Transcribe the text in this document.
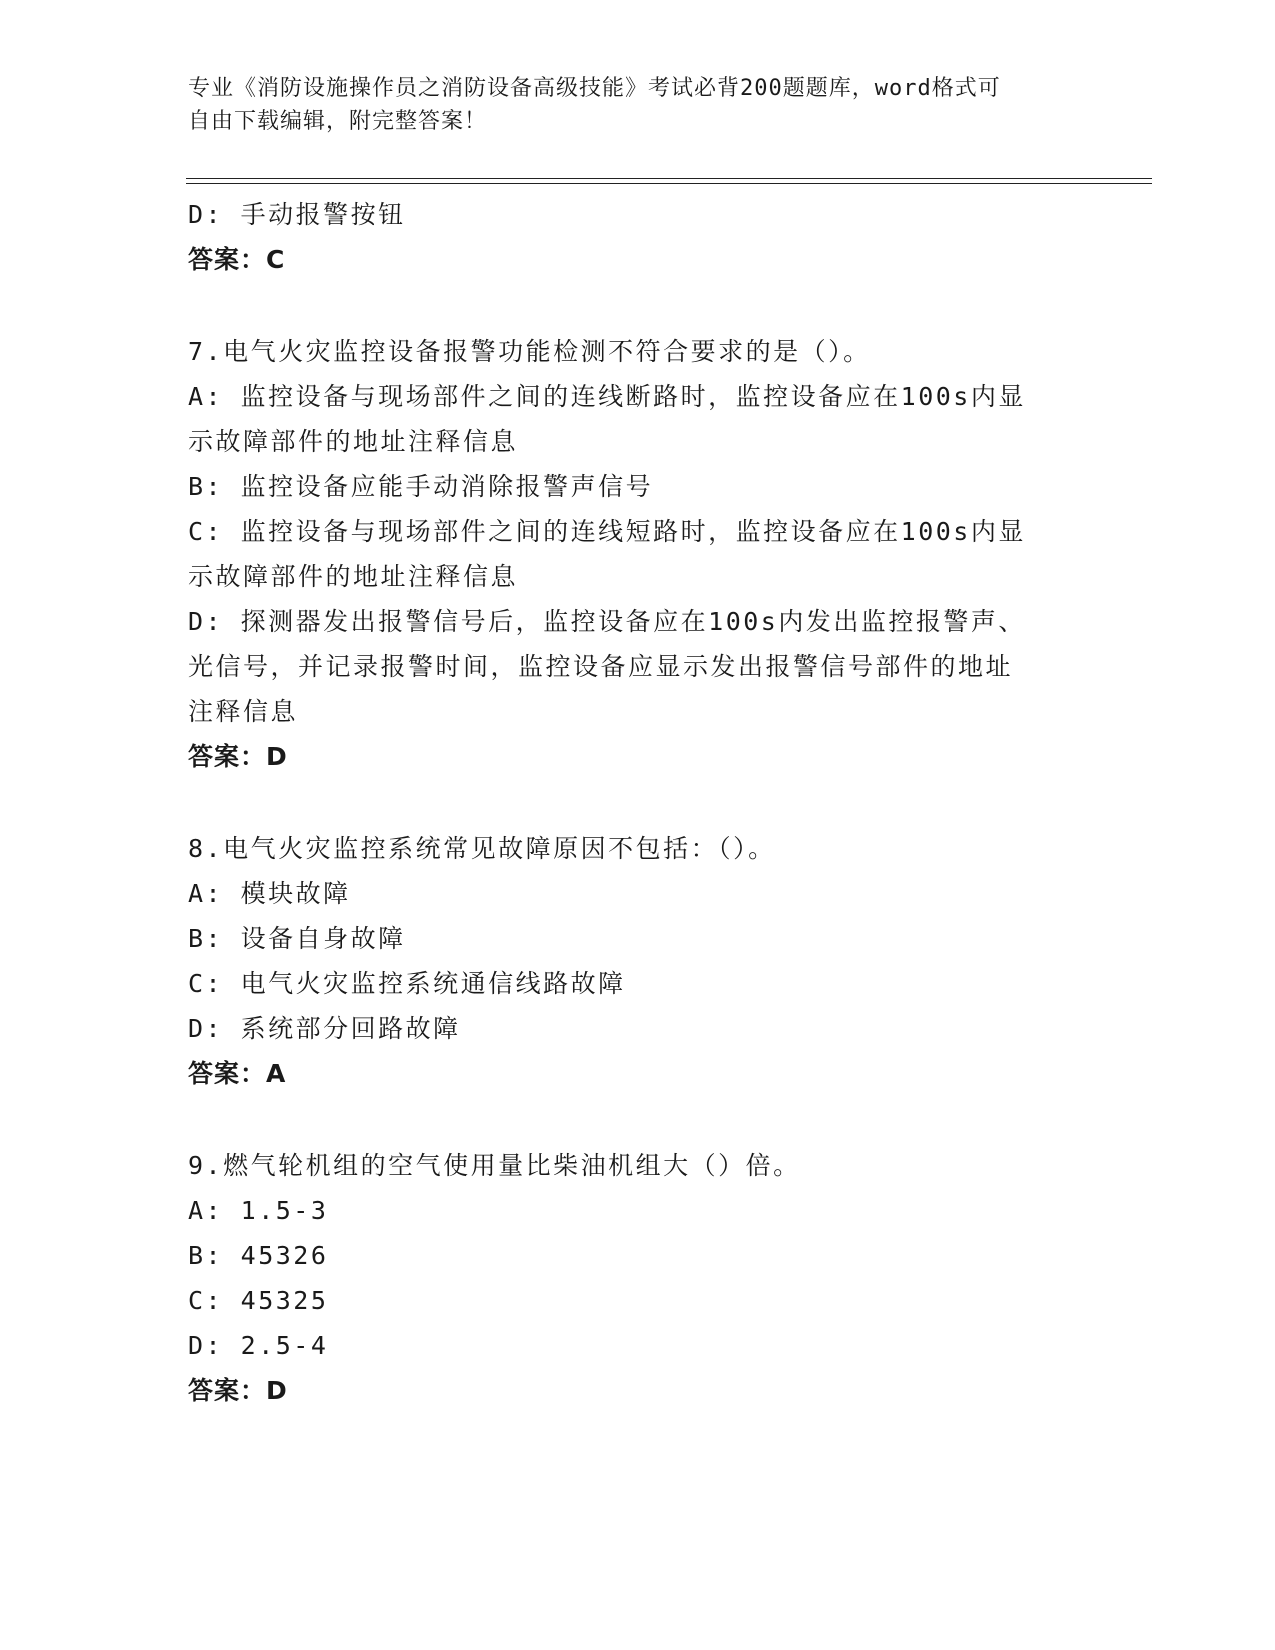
专业《消防设施操作员之消防设备高级技能》考试必背200题题库，word格式可
自由下载编辑，附完整答案！
D: 手动报警按钮
答案：C
7.电气火灾监控设备报警功能检测不符合要求的是（）。
A: 监控设备与现场部件之间的连线断路时，监控设备应在100s内显
示故障部件的地址注释信息
B: 监控设备应能手动消除报警声信号
C: 监控设备与现场部件之间的连线短路时，监控设备应在100s内显
示故障部件的地址注释信息
D: 探测器发出报警信号后，监控设备应在100s内发出监控报警声、
光信号，并记录报警时间，监控设备应显示发出报警信号部件的地址
注释信息
答案：D
8.电气火灾监控系统常见故障原因不包括：（）。
A: 模块故障
B: 设备自身故障
C: 电气火灾监控系统通信线路故障
D: 系统部分回路故障
答案：A
9.燃气轮机组的空气使用量比柴油机组大（）倍。
A: 1.5-3
B: 45326
C: 45325
D: 2.5-4
答案：D
